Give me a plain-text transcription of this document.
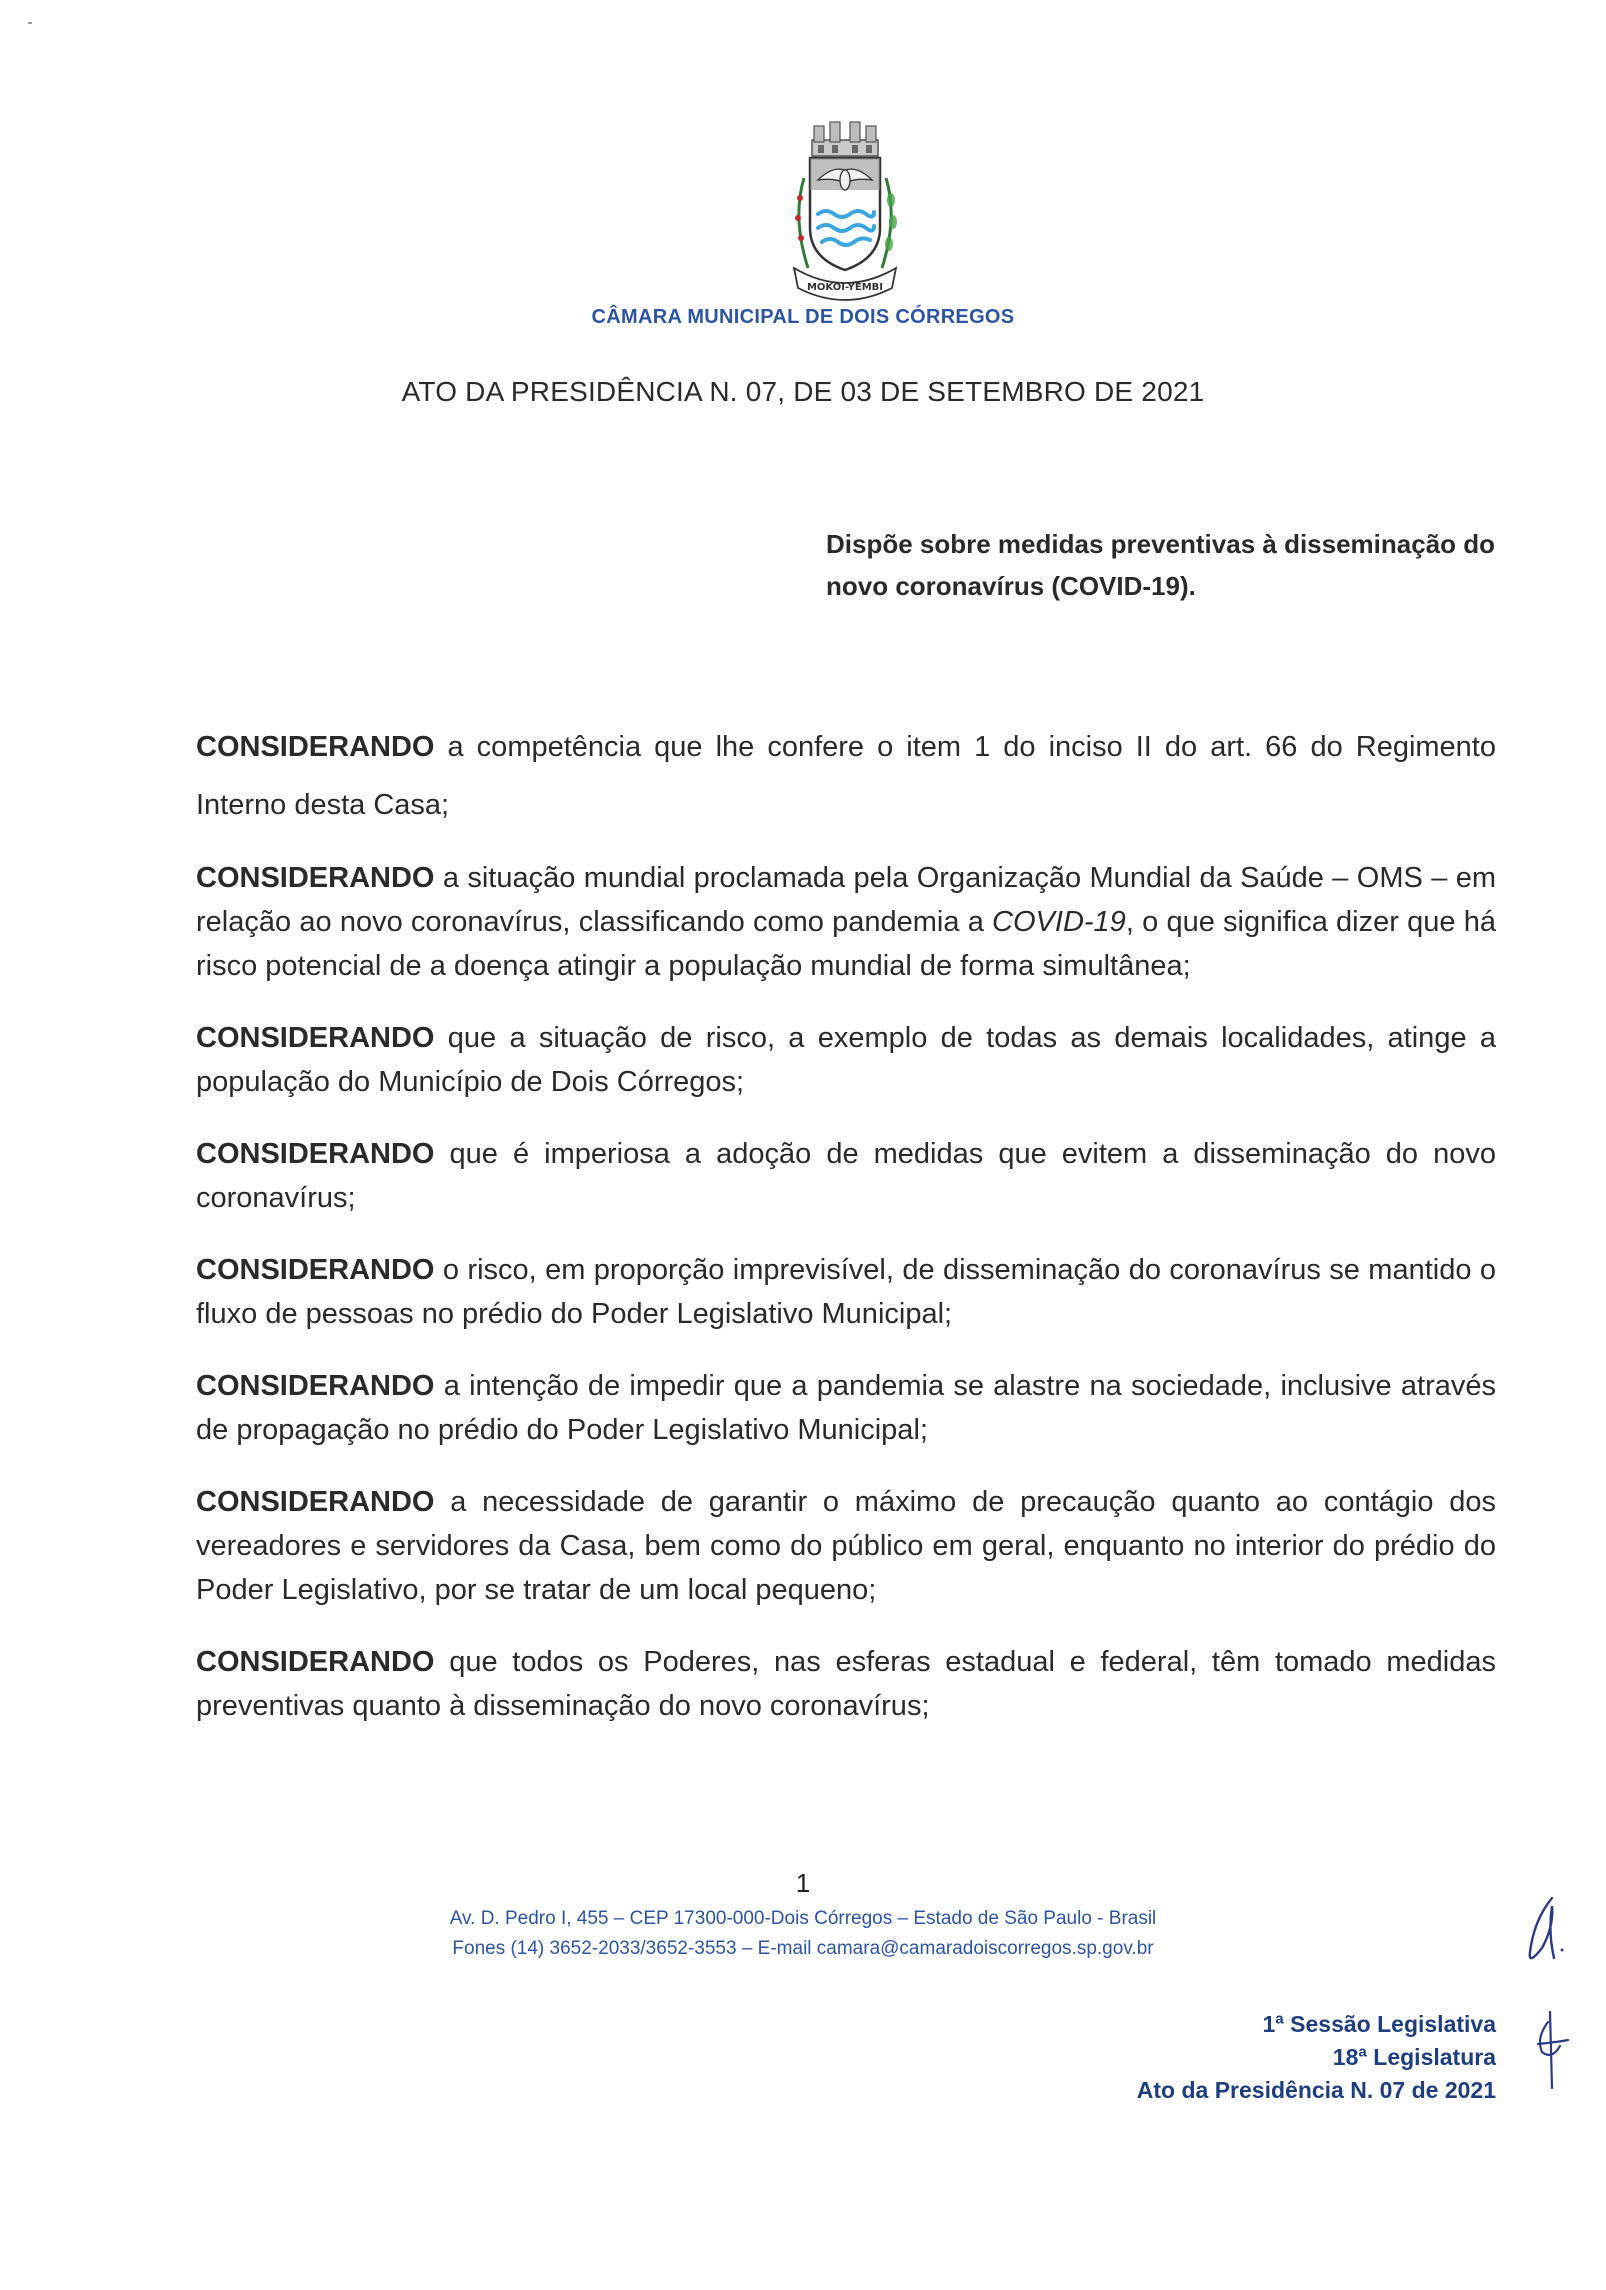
MOKOI-YEMBI
CÂMARA MUNICIPAL DE DOIS CÓRREGOS
ATO DA PRESIDÊNCIA N. 07, DE 03 DE SETEMBRO DE 2021
Dispõe sobre medidas preventivas à disseminação do
novo coronavírus (COVID-19).

CONSIDERANDO a competência que lhe confere o item 1 do inciso II do art. 66 do Regimento Interno desta Casa;

CONSIDERANDO a situação mundial proclamada pela Organização Mundial da Saúde – OMS – em relação ao novo coronavírus, classificando como pandemia a COVID-19, o que significa dizer que há risco potencial de a doença atingir a população mundial de forma simultânea;

CONSIDERANDO que a situação de risco, a exemplo de todas as demais localidades, atinge a população do Município de Dois Córregos;

CONSIDERANDO que é imperiosa a adoção de medidas que evitem a disseminação do novo coronavírus;

CONSIDERANDO o risco, em proporção imprevisível, de disseminação do coronavírus se mantido o fluxo de pessoas no prédio do Poder Legislativo Municipal;

CONSIDERANDO a intenção de impedir que a pandemia se alastre na sociedade, inclusive através de propagação no prédio do Poder Legislativo Municipal;

CONSIDERANDO a necessidade de garantir o máximo de precaução quanto ao contágio dos vereadores e servidores da Casa, bem como do público em geral, enquanto no interior do prédio do Poder Legislativo, por se tratar de um local pequeno;

CONSIDERANDO que todos os Poderes, nas esferas estadual e federal, têm tomado medidas preventivas quanto à disseminação do novo coronavírus;

1
Av. D. Pedro I, 455 – CEP 17300-000-Dois Córregos – Estado de São Paulo - Brasil
Fones (14) 3652-2033/3652-3553 – E-mail camara@camaradoiscorregos.sp.gov.br
1ª Sessão Legislativa
18ª Legislatura
Ato da Presidência N. 07 de 2021
